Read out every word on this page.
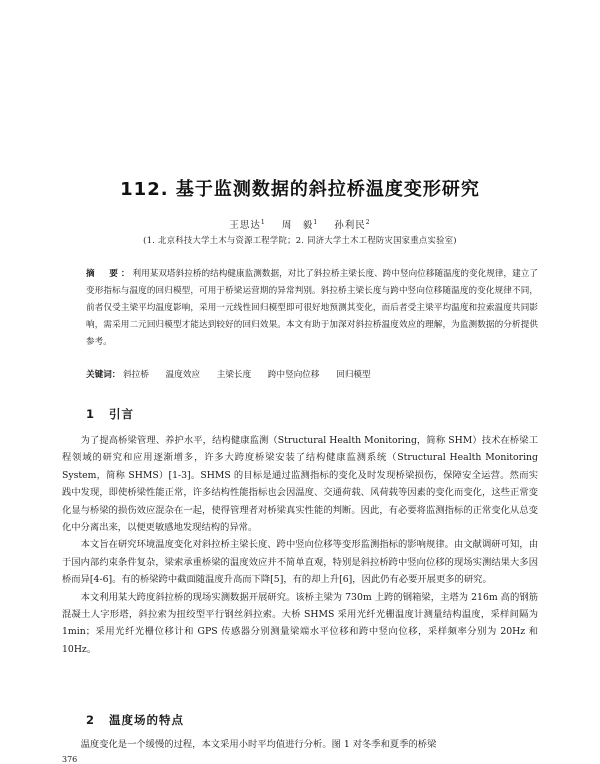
112. 基于监测数据的斜拉桥温度变形研究
王思达$^1$ 周　毅$^1$ 孙利民$^2$
(1. 北京科技大学土木与资源工程学院；2. 同济大学土木工程防灾国家重点实验室)
摘　要：利用某双塔斜拉桥的结构健康监测数据，对比了斜拉桥主梁长度、跨中竖向位移随温度的变化规律，建立了变形指标与温度的回归模型，可用于桥梁运营期的异常判别。斜拉桥主梁长度与跨中竖向位移随温度的变化规律不同，前者仅受主梁平均温度影响，采用一元线性回归模型即可很好地预测其变化，而后者受主梁平均温度和拉索温度共同影响，需采用二元回归模型才能达到较好的回归效果。本文有助于加深对斜拉桥温度效应的理解，为监测数据的分析提供参考。
关键词： 斜拉桥 温度效应 主梁长度 跨中竖向位移 回归模型
1 引言

为了提高桥梁管理、养护水平，结构健康监测（Structural Health Monitoring，简称 SHM）技术在桥梁工程领域的研究和应用逐渐增多，许多大跨度桥梁安装了结构健康监测系统（Structural Health Monitoring System，简称 SHMS）[1-3]。SHMS 的目标是通过监测指标的变化及时发现桥梁损伤，保障安全运营。然而实践中发现，即使桥梁性能正常，许多结构性能指标也会因温度、交通荷载、风荷载等因素的变化而变化，这些正常变化显与桥梁的损伤效应混杂在一起，使得管理者对桥梁真实性能的判断。因此，有必要将监测指标的正常变化从总变化中分离出来，以便更敏感地发现结构的异常。

本文旨在研究环境温度变化对斜拉桥主梁长度、跨中竖向位移等变形监测指标的影响规律。由文献调研可知，由于国内部约束条件复杂，梁索承重桥梁的温度效应并不简单直观，特别是斜拉桥跨中竖向位移的现场实测结果大多因桥而异[4-6]。有的桥梁跨中截面随温度升高而下降[5]，有的却上升[6]，因此仍有必要开展更多的研究。

本文利用某大跨度斜拉桥的现场实测数据开展研究。该桥主梁为 730m 上跨的钢箱梁，主塔为 216m 高的钢筋混凝土人字形塔，斜拉索为扭绞型平行钢丝斜拉索。大桥 SHMS 采用光纤光栅温度计测量结构温度，采样间隔为 1min；采用光纤光栅位移计和 GPS 传感器分别测量梁端水平位移和跨中竖向位移，采样频率分别为 20Hz 和 10Hz。

2 温度场的特点

温度变化是一个缓慢的过程，本文采用小时平均值进行分析。图 1 对冬季和夏季的桥梁

376
